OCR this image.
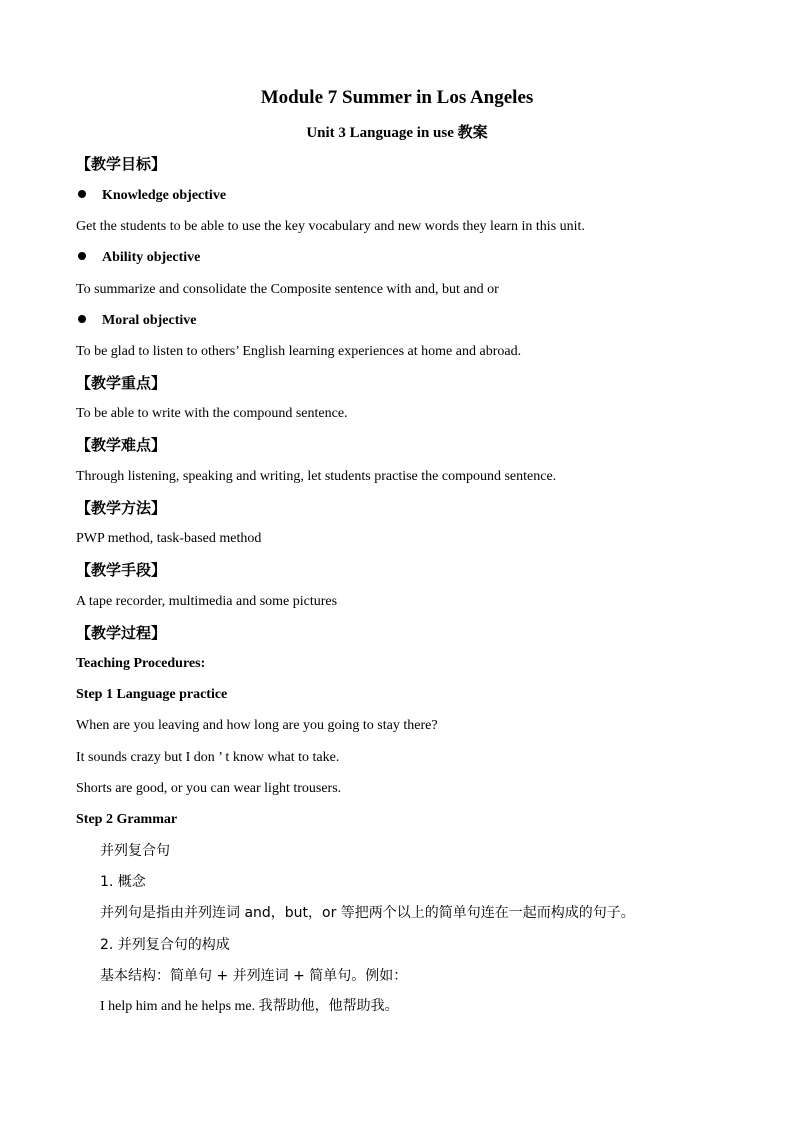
Module 7 Summer in Los Angeles
Unit 3 Language in use 教案
【教学目标】
Knowledge objective
Get the students to be able to use the key vocabulary and new words they learn in this unit.
Ability objective
To summarize and consolidate the Composite sentence with and, but and or
Moral objective
To be glad to listen to others’ English learning experiences at home and abroad.
【教学重点】
To be able to write with the compound sentence.
【教学难点】
Through listening, speaking and writing, let students practise the compound sentence.
【教学方法】
PWP method, task-based method
【教学手段】
A tape recorder, multimedia and some pictures
【教学过程】
Teaching Procedures:
Step 1 Language practice
When are you leaving and how long are you going to stay there?
It sounds crazy but I don ’ t know what to take.
Shorts are good, or you can wear light trousers.
Step 2 Grammar
并列复合句
1. 概念
并列句是指由并列连词 and，but，or 等把两个以上的简单句连在一起而构成的句子。
2. 并列复合句的构成
基本结构：简单句 + 并列连词 + 简单句。例如：
I help him and he helps me. 我帮助他，他帮助我。
